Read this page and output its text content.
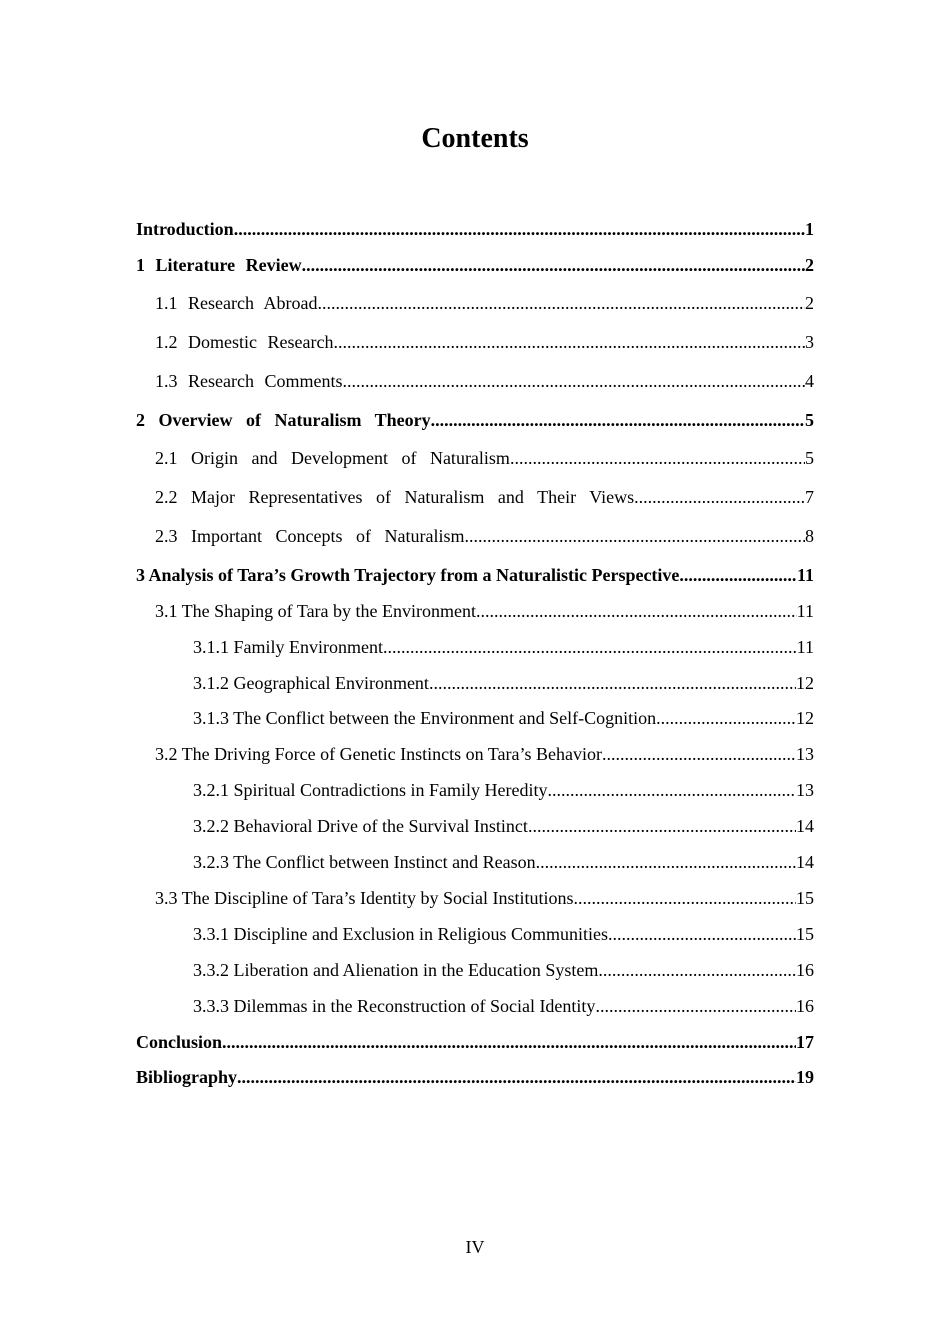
Contents
Introduction .....	1
1 Literature Review .....	2
1.1 Research Abroad .....	2
1.2 Domestic Research .....	3
1.3 Research Comments .....	4
2 Overview of Naturalism Theory .....	5
2.1 Origin and Development of Naturalism .....	5
2.2 Major Representatives of Naturalism and Their Views .....	7
2.3 Important Concepts of Naturalism .....	8
3 Analysis of Tara’s Growth Trajectory from a Naturalistic Perspective .....	11
3.1 The Shaping of Tara by the Environment .....	11
3.1.1 Family Environment .....	11
3.1.2 Geographical Environment .....	12
3.1.3 The Conflict between the Environment and Self-Cognition .....	12
3.2 The Driving Force of Genetic Instincts on Tara’s Behavior .....	13
3.2.1 Spiritual Contradictions in Family Heredity .....	13
3.2.2 Behavioral Drive of the Survival Instinct .....	14
3.2.3 The Conflict between Instinct and Reason .....	14
3.3 The Discipline of Tara’s Identity by Social Institutions .....	15
3.3.1 Discipline and Exclusion in Religious Communities .....	15
3.3.2 Liberation and Alienation in the Education System .....	16
3.3.3 Dilemmas in the Reconstruction of Social Identity .....	16
Conclusion .....	17
Bibliography .....	19
IV
